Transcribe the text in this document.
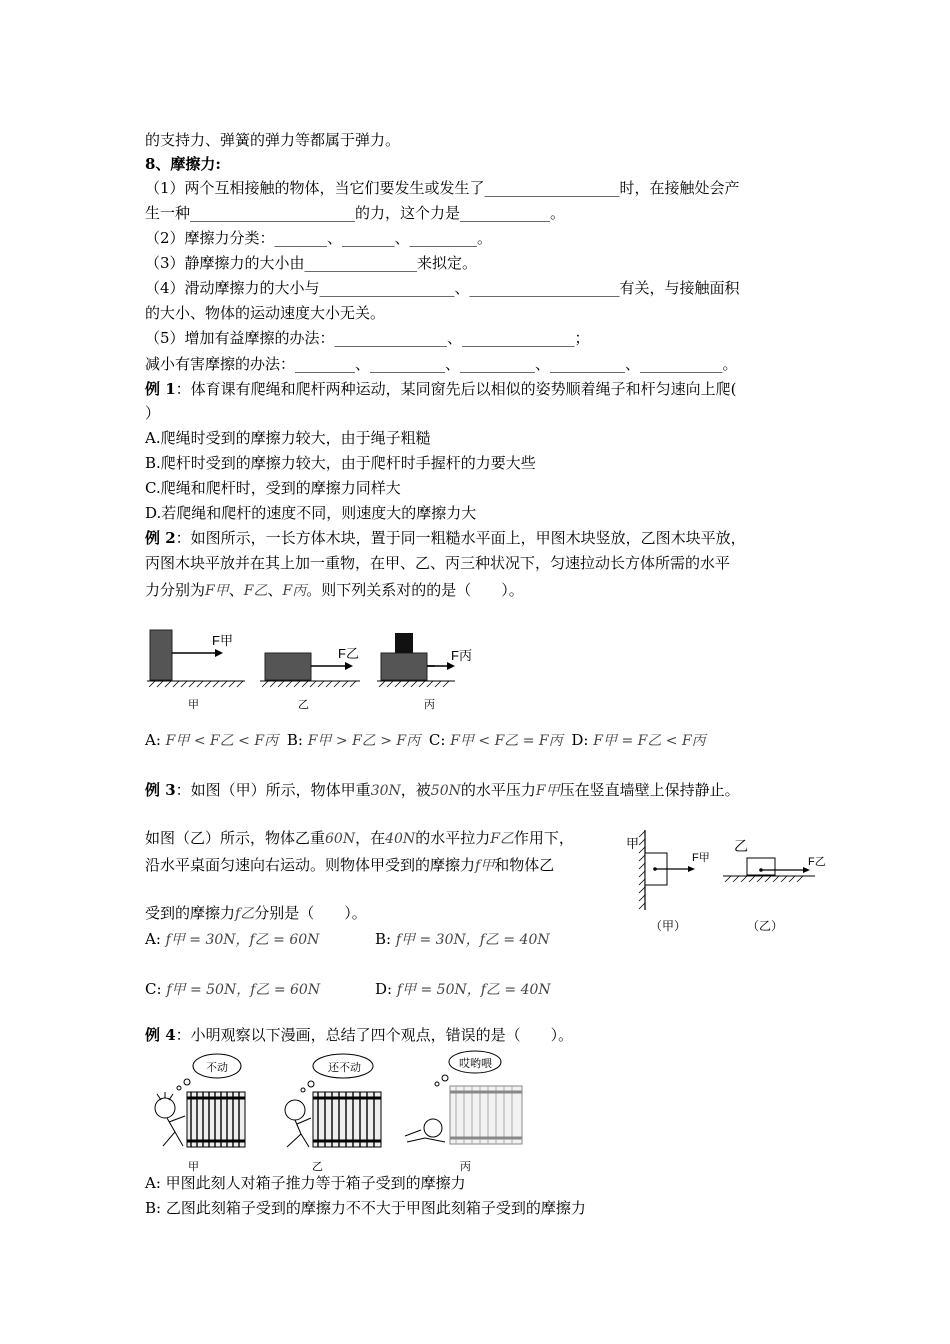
的支持力、弹簧的弹力等都属于弹力。
8、摩擦力:
（1）两个互相接触的物体，当它们要发生或发生了__________________时，在接触处会产
生一种______________________的力，这个力是____________。
（2）摩擦力分类：_______、_______、_________。
（3）静摩擦力的大小由_______________来拟定。
（4）滑动摩擦力的大小与__________________、____________________有关，与接触面积
的大小、物体的运动速度大小无关。
（5）增加有益摩擦的办法：_______________、_______________；
减小有害摩擦的办法：________、__________、__________、__________、___________。
例 1：体育课有爬绳和爬杆两种运动，某同窗先后以相似的姿势顺着绳子和杆匀速向上爬(
）
A.爬绳时受到的摩擦力较大，由于绳子粗糙
B.爬杆时受到的摩擦力较大，由于爬杆时手握杆的力要大些
C.爬绳和爬杆时，受到的摩擦力同样大
D.若爬绳和爬杆的速度不同，则速度大的摩擦力大
例 2：如图所示，一长方体木块，置于同一粗糙水平面上，甲图木块竖放，乙图木块平放，
丙图木块平放并在其上加一重物，在甲、乙、丙三种状况下，匀速拉动长方体所需的水平
力分别为F甲、F乙、F丙。则下列关系对的的是（　　）。
F甲
F乙	F丙
甲	乙	丙
A: F甲 < F乙 < F丙 B: F甲 > F乙 > F丙 C: F甲 < F乙 = F丙 D: F甲 = F乙 < F丙
例 3：如图（甲）所示，物体甲重30N，被50N的水平压力F甲压在竖直墙壁上保持静止。
如图（乙）所示，物体乙重60N，在40N的水平拉力F乙作用下，
沿水平桌面匀速向右运动。则物体甲受到的摩擦力f甲和物体乙
受到的摩擦力f乙分别是（　　）。
甲	乙
F甲	F乙
（甲）	（乙）
A: f甲 = 30N，f乙 = 60N	B: f甲 = 30N，f乙 = 40N
C: f甲 = 50N，f乙 = 60N	D: f甲 = 50N，f乙 = 40N
例 4：小明观察以下漫画，总结了四个观点，错误的是（　　）。
不动	还不动	哎哟喂
甲	乙	丙
A: 甲图此刻人对箱子推力等于箱子受到的摩擦力
B: 乙图此刻箱子受到的摩擦力不不大于甲图此刻箱子受到的摩擦力
